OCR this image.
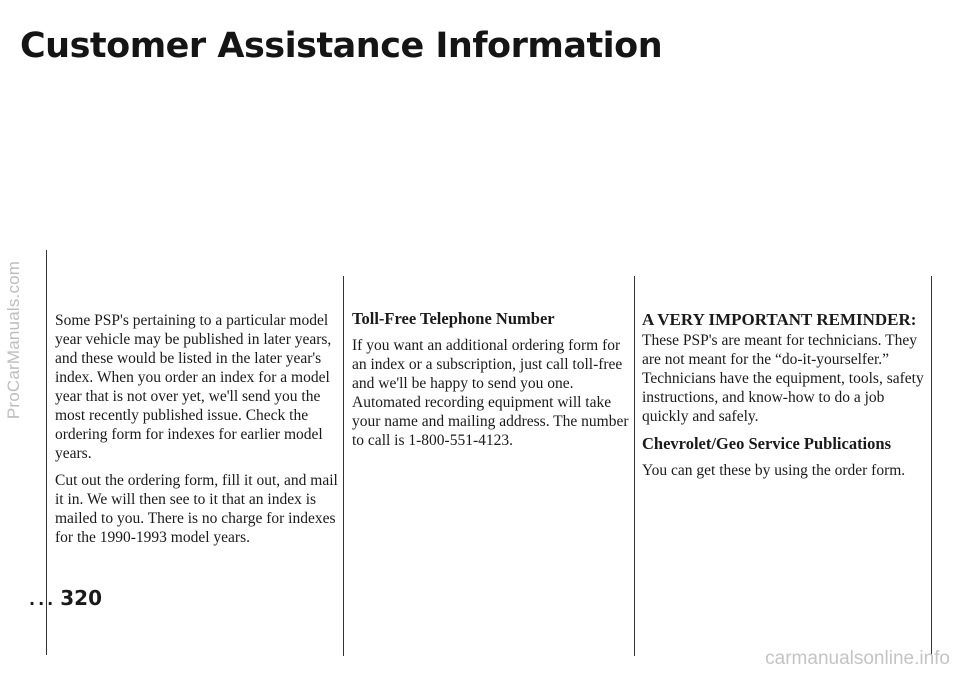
Customer Assistance Information
ProCarManuals.com Some PSP's pertaining to a particular model year vehicle may be published in later years, and these would be listed in the later year's index. When you order an index for a model year that is not over yet, we'll send you the most recently published issue. Check the ordering form for indexes for earlier model years.

Cut out the ordering form, fill it out, and mail it in. We will then see to it that an index is mailed to you. There is no charge for indexes for the 1990-1993 model years.

Toll-Free Telephone Number

If you want an additional ordering form for an index or a subscription, just call toll-free and we'll be happy to send you one. Automated recording equipment will take your name and mailing address. The number to call is 1-800-551-4123.

A VERY IMPORTANT REMINDER:

These PSP's are meant for technicians. They are not meant for the “do-it-yourselfer.” Technicians have the equipment, tools, safety instructions, and know-how to do a job quickly and safely.

Chevrolet/Geo Service Publications

You can get these by using the order form.

... 320
carmanualsonline.info
